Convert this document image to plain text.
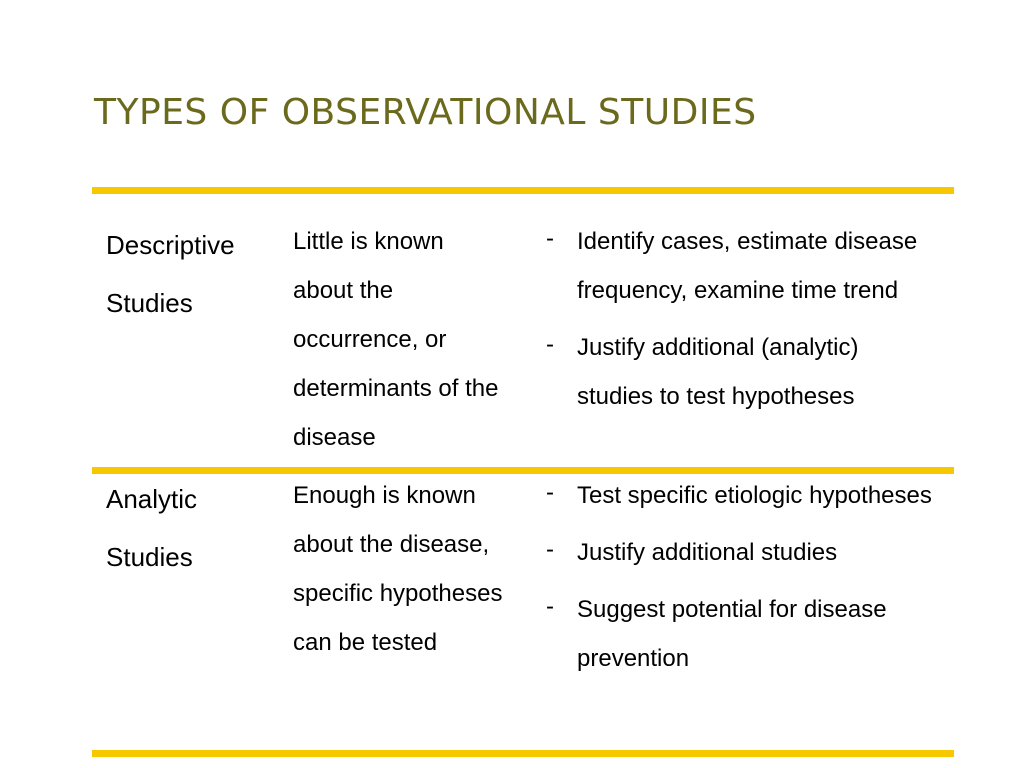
TYPES OF OBSERVATIONAL STUDIES
Descriptive
Studies
Little is known
about the
occurrence, or
determinants of the
disease
- Identify cases, estimate disease
frequency, examine time trend
- Justify additional (analytic)
studies to test hypotheses
Analytic
Studies
Enough is known
about the disease,
specific hypotheses
can be tested
- Test specific etiologic hypotheses
- Justify additional studies
- Suggest potential for disease
prevention
